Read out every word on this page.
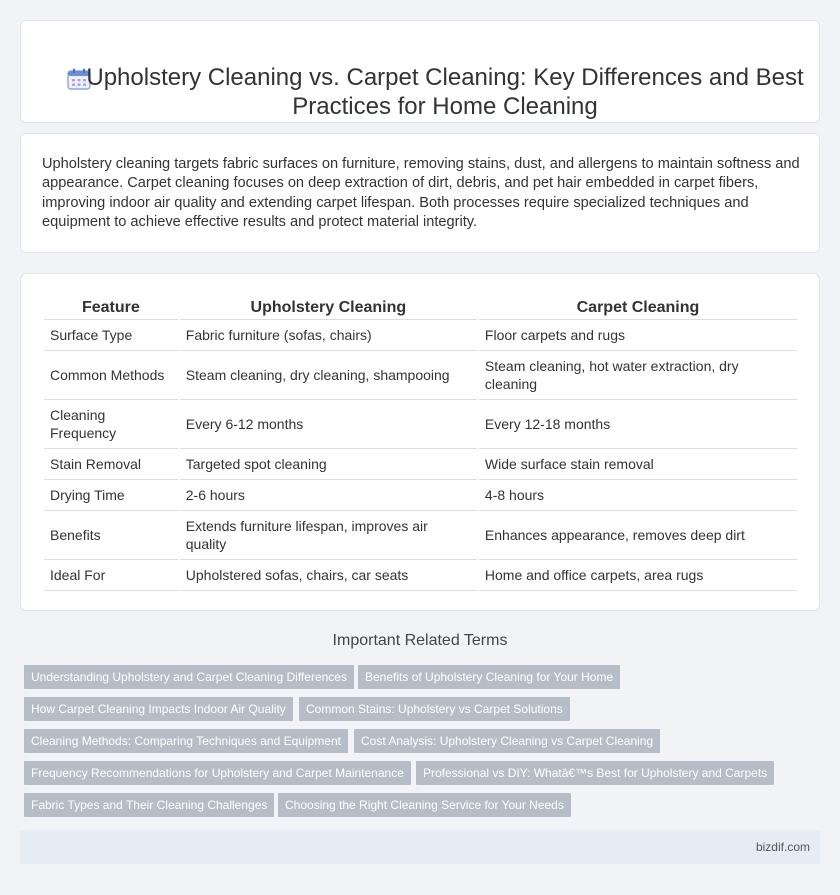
Upholstery Cleaning vs. Carpet Cleaning: Key Differences and Best Practices for Home Cleaning

Upholstery cleaning targets fabric surfaces on furniture, removing stains, dust, and allergens to maintain softness and appearance. Carpet cleaning focuses on deep extraction of dirt, debris, and pet hair embedded in carpet fibers, improving indoor air quality and extending carpet lifespan. Both processes require specialized techniques and equipment to achieve effective results and protect material integrity.

Feature	Upholstery Cleaning	Carpet Cleaning
Surface Type	Fabric furniture (sofas, chairs)	Floor carpets and rugs
Common Methods	Steam cleaning, dry cleaning, shampooing	Steam cleaning, hot water extraction, dry cleaning
Cleaning Frequency	Every 6-12 months	Every 12-18 months
Stain Removal	Targeted spot cleaning	Wide surface stain removal
Drying Time	2-6 hours	4-8 hours
Benefits	Extends furniture lifespan, improves air quality	Enhances appearance, removes deep dirt
Ideal For	Upholstered sofas, chairs, car seats	Home and office carpets, area rugs
Important Related Terms
Understanding Upholstery and Carpet Cleaning Differences	Benefits of Upholstery Cleaning for Your Home
How Carpet Cleaning Impacts Indoor Air Quality	Common Stains: Upholstery vs Carpet Solutions
Cleaning Methods: Comparing Techniques and Equipment	Cost Analysis: Upholstery Cleaning vs Carpet Cleaning
Frequency Recommendations for Upholstery and Carpet Maintenance	Professional vs DIY: Whatâ€™s Best for Upholstery and Carpets
Fabric Types and Their Cleaning Challenges	Choosing the Right Cleaning Service for Your Needs
bizdif.com
